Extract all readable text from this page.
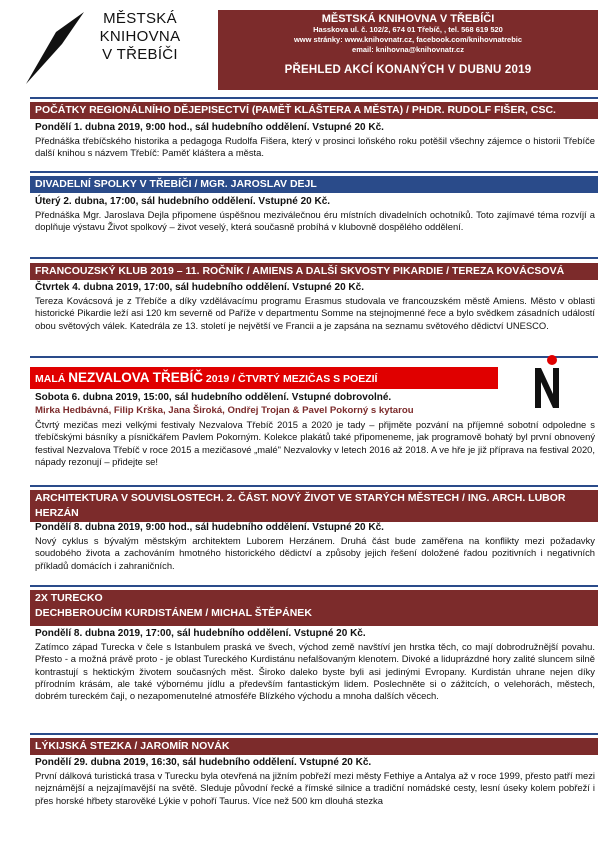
MĚSTSKÁ
KNIHOVNA
V TŘEBÍČI
MĚSTSKÁ KNIHOVNA V TŘEBÍČI
Hasskova ul. č. 102/2, 674 01 Třebíč, , tel. 568 619 520
www stránky: www.knihovnatr.cz, facebook.com/knihovnatrebic
email: knihovna@knihovnatr.cz
PŘEHLED AKCÍ KONANÝCH V DUBNU 2019
POČÁTKY REGIONÁLNÍHO DĚJEPISECTVÍ (PAMĚŤ KLÁŠTERA A MĚSTA) / PHDR. RUDOLF FIŠER, CSC.
Pondělí 1. dubna 2019, 9:00 hod., sál hudebního oddělení. Vstupné 20 Kč.
Přednáška třebíčského historika a pedagoga Rudolfa Fišera, který v prosinci loňského roku potěšil všechny zájemce o historii Třebíče další knihou s názvem Třebíč: Paměť kláštera a města.
DIVADELNÍ SPOLKY V TŘEBÍČI / MGR. JAROSLAV DEJL
Úterý 2. dubna, 17:00, sál hudebního oddělení. Vstupné 20 Kč.
Přednáška Mgr. Jaroslava Dejla připomene úspěšnou meziválečnou éru místních divadelních ochotníků. Toto zajímavé téma rozvíjí a doplňuje výstavu Život spolkový – život veselý, která současně probíhá v klubovně dospělého oddělení.
FRANCOUZSKÝ KLUB 2019 – 11. ROČNÍK / AMIENS A DALŠÍ SKVOSTY PIKARDIE / TEREZA KOVÁCSOVÁ
Čtvrtek 4. dubna 2019, 17:00, sál hudebního oddělení. Vstupné 20 Kč.
Tereza Kovácsová je z Třebíče a díky vzdělávacímu programu Erasmus studovala ve francouzském městě Amiens. Město v oblasti historické Pikardie leží asi 120 km severně od Paříže v departmentu Somme na stejnojmenné řece a bylo svědkem zásadních událostí obou světových válek. Katedrála ze 13. století je největší ve Francii a je zapsána na seznamu světového dědictví UNESCO.
MALÁ NEZVALOVA TŘEBÍČ 2019 / ČTVRTÝ MEZIČAS S POEZIÍ
Sobota 6. dubna 2019, 15:00, sál hudebního oddělení. Vstupné dobrovolné.
Mirka Hedbávná, Filip Krška, Jana Široká, Ondřej Trojan & Pavel Pokorný s kytarou
Čtvrtý mezičas mezi velkými festivaly Nezvalova Třebíč 2015 a 2020 je tady – přijměte pozvání na příjemné sobotní odpoledne s třebíčskými básníky a písničkářem Pavlem Pokorným. Kolekce plakátů také připomeneme, jak programově bohatý byl první obnovený festival Nezvalova Třebíč v roce 2015 a mezičasové „malé" Nezvalovky v letech 2016 až 2018. A ve hře je již příprava na festival 2020, nápady rezonují – přidejte se!
ARCHITEKTURA V SOUVISLOSTECH. 2. ČÁST. NOVÝ ŽIVOT VE STARÝCH MĚSTECH / ING. ARCH. LUBOR HERZÁN
Pondělí 8. dubna 2019, 9:00 hod., sál hudebního oddělení. Vstupné 20 Kč.
Nový cyklus s bývalým městským architektem Luborem Herzánem. Druhá část bude zaměřena na konflikty mezi požadavky soudobého života a zachováním hmotného historického dědictví a způsoby jejich řešení doložené řadou pozitivních i negativních příkladů domácích i zahraničních.
2X TURECKO
DECHBEROUCÍM KURDISTÁNEM / MICHAL ŠTĚPÁNEK
Pondělí 8. dubna 2019, 17:00, sál hudebního oddělení. Vstupné 20 Kč.
Zatímco západ Turecka v čele s Istanbulem praská ve švech, východ země navštíví jen hrstka těch, co mají dobrodružnější povahu. Přesto - a možná právě proto - je oblast Tureckého Kurdistánu nefalšovaným klenotem. Divoké a liduprázdné hory zalité sluncem silně kontrastují s hektickým životem současných měst. Široko daleko byste byli asi jedinými Evropany. Kurdistán uhrane nejen díky přírodním krásám, ale také výbornému jídlu a především fantastickým lidem. Poslechněte si o zážitcích, o velehorách, městech, dobrém tureckém čaji, o nezapomenutelné atmosféře Blízkého východu a mnoha dalších věcech.
LÝKIJSKÁ STEZKA / JAROMÍR NOVÁK
Pondělí 29. dubna 2019, 16:30, sál hudebního oddělení. Vstupné 20 Kč.
První dálková turistická trasa v Turecku byla otevřená na jižním pobřeží mezi městy Fethiye a Antalya až v roce 1999, přesto patří mezi nejznámější a nejzajímavější na světě. Sleduje původní řecké a římské silnice a tradiční nomádské cesty, lesní úseky kolem pobřeží i přes horské hřbety starověké Lýkie v pohoří Taurus. Více než 500 km dlouhá stezka
